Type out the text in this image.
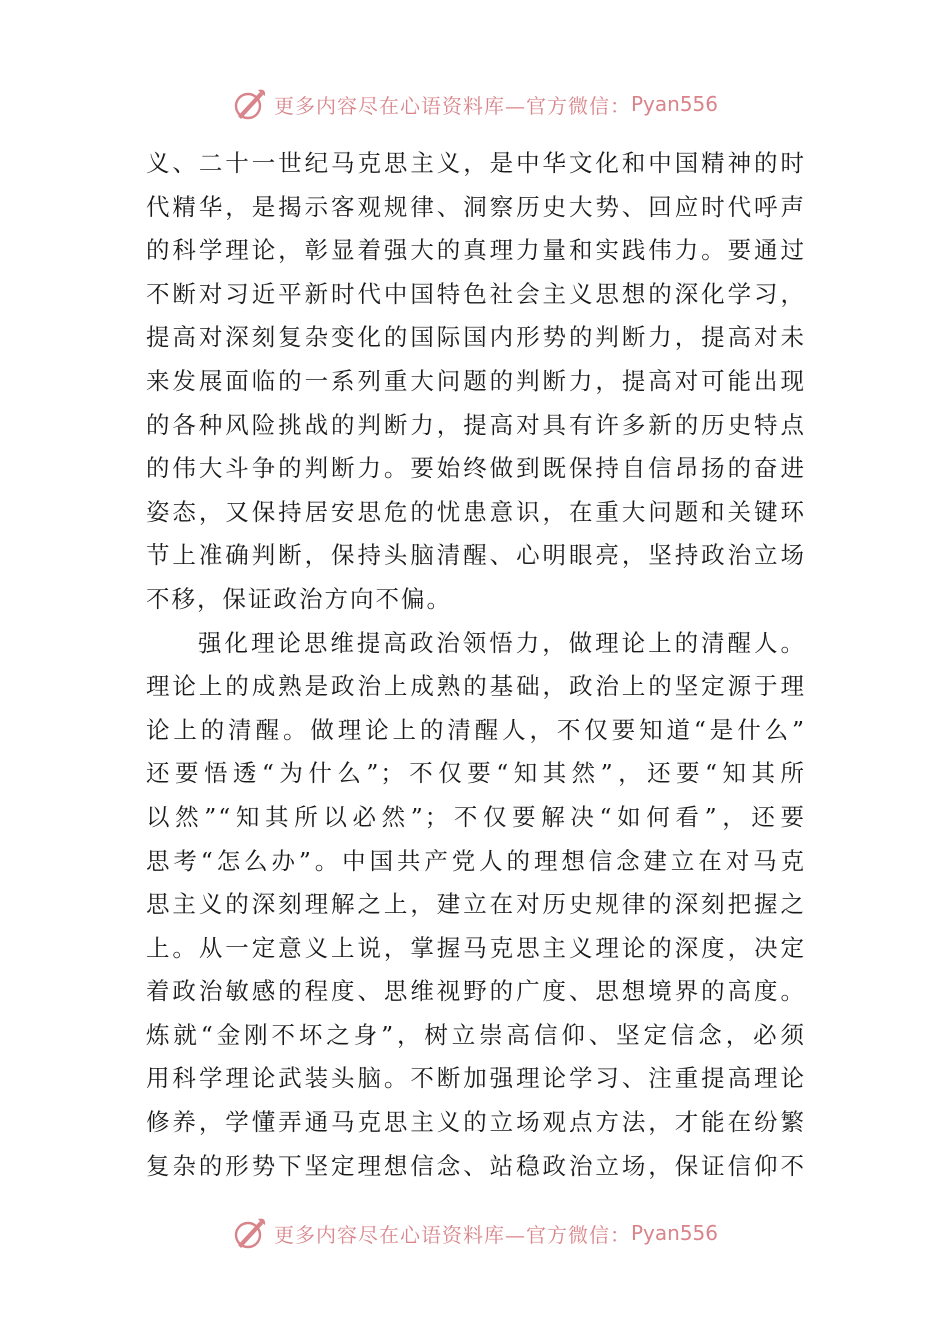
更多内容尽在心语资料库—官方微信： Pyan556
义、二十一世纪马克思主义，是中华文化和中国精神的时
代精华，是揭示客观规律、洞察历史大势、回应时代呼声
的科学理论，彰显着强大的真理力量和实践伟力。要通过
不断对习近平新时代中国特色社会主义思想的深化学习，
提高对深刻复杂变化的国际国内形势的判断力，提高对未
来发展面临的一系列重大问题的判断力，提高对可能出现
的各种风险挑战的判断力，提高对具有许多新的历史特点
的伟大斗争的判断力。要始终做到既保持自信昂扬的奋进
姿态，又保持居安思危的忧患意识，在重大问题和关键环
节上准确判断，保持头脑清醒、心明眼亮，坚持政治立场
不移，保证政治方向不偏。
强化理论思维提高政治领悟力，做理论上的清醒人。
理论上的成熟是政治上成熟的基础，政治上的坚定源于理
论上的清醒。做理论上的清醒人，不仅要知道“是什么”
还要悟透“为什么”；不仅要“知其然”，还要“知其所
以然”“知其所以必然”；不仅要解决“如何看”，还要
思考“怎么办”。中国共产党人的理想信念建立在对马克
思主义的深刻理解之上，建立在对历史规律的深刻把握之
上。从一定意义上说，掌握马克思主义理论的深度，决定
着政治敏感的程度、思维视野的广度、思想境界的高度。
炼就“金刚不坏之身”，树立崇高信仰、坚定信念，必须
用科学理论武装头脑。不断加强理论学习、注重提高理论
修养，学懂弄通马克思主义的立场观点方法，才能在纷繁
复杂的形势下坚定理想信念、站稳政治立场，保证信仰不
更多内容尽在心语资料库—官方微信： Pyan556
